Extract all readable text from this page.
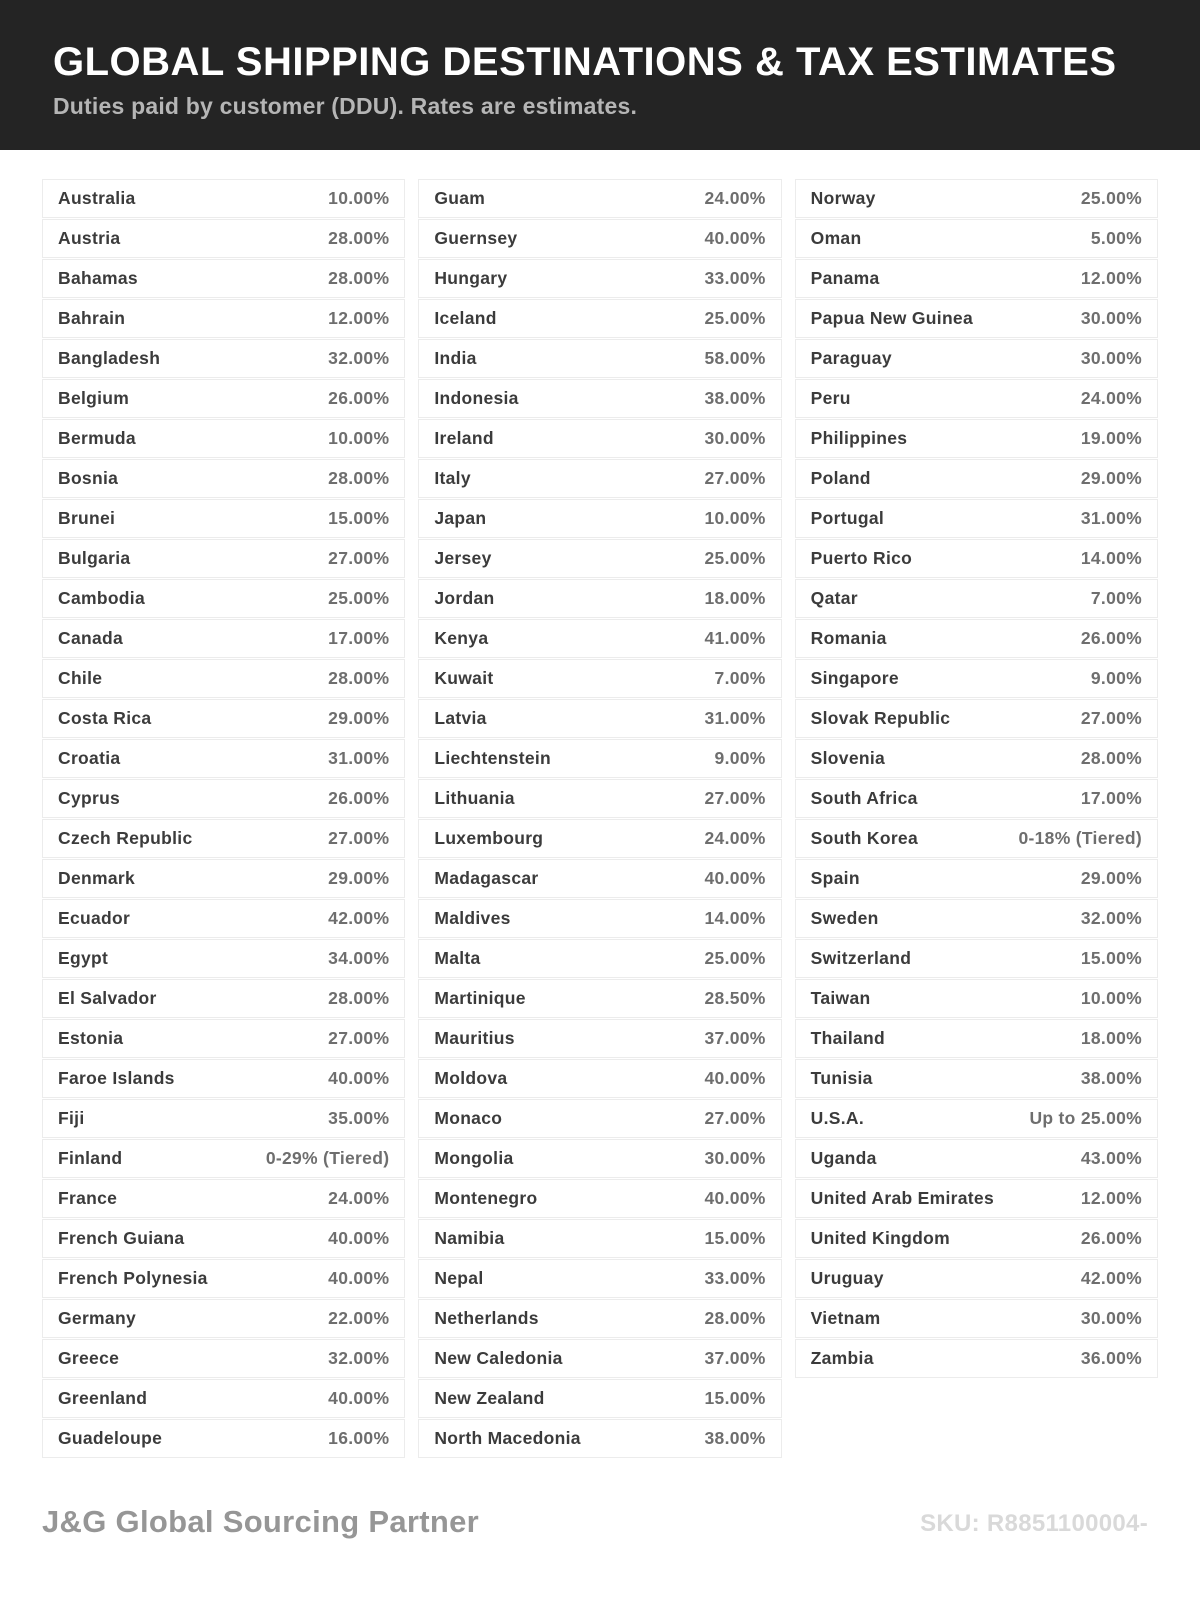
GLOBAL SHIPPING DESTINATIONS & TAX ESTIMATES
Duties paid by customer (DDU). Rates are estimates.
Australia	10.00%
Austria	28.00%
Bahamas	28.00%
Bahrain	12.00%
Bangladesh	32.00%
Belgium	26.00%
Bermuda	10.00%
Bosnia	28.00%
Brunei	15.00%
Bulgaria	27.00%
Cambodia	25.00%
Canada	17.00%
Chile	28.00%
Costa Rica	29.00%
Croatia	31.00%
Cyprus	26.00%
Czech Republic	27.00%
Denmark	29.00%
Ecuador	42.00%
Egypt	34.00%
El Salvador	28.00%
Estonia	27.00%
Faroe Islands	40.00%
Fiji	35.00%
Finland	0-29% (Tiered)
France	24.00%
French Guiana	40.00%
French Polynesia	40.00%
Germany	22.00%
Greece	32.00%
Greenland	40.00%
Guadeloupe	16.00%
Guam	24.00%
Guernsey	40.00%
Hungary	33.00%
Iceland	25.00%
India	58.00%
Indonesia	38.00%
Ireland	30.00%
Italy	27.00%
Japan	10.00%
Jersey	25.00%
Jordan	18.00%
Kenya	41.00%
Kuwait	7.00%
Latvia	31.00%
Liechtenstein	9.00%
Lithuania	27.00%
Luxembourg	24.00%
Madagascar	40.00%
Maldives	14.00%
Malta	25.00%
Martinique	28.50%
Mauritius	37.00%
Moldova	40.00%
Monaco	27.00%
Mongolia	30.00%
Montenegro	40.00%
Namibia	15.00%
Nepal	33.00%
Netherlands	28.00%
New Caledonia	37.00%
New Zealand	15.00%
North Macedonia	38.00%
Norway	25.00%
Oman	5.00%
Panama	12.00%
Papua New Guinea	30.00%
Paraguay	30.00%
Peru	24.00%
Philippines	19.00%
Poland	29.00%
Portugal	31.00%
Puerto Rico	14.00%
Qatar	7.00%
Romania	26.00%
Singapore	9.00%
Slovak Republic	27.00%
Slovenia	28.00%
South Africa	17.00%
South Korea	0-18% (Tiered)
Spain	29.00%
Sweden	32.00%
Switzerland	15.00%
Taiwan	10.00%
Thailand	18.00%
Tunisia	38.00%
U.S.A.	Up to 25.00%
Uganda	43.00%
United Arab Emirates	12.00%
United Kingdom	26.00%
Uruguay	42.00%
Vietnam	30.00%
Zambia	36.00%
J&G Global Sourcing Partner	SKU: R8851100004-
